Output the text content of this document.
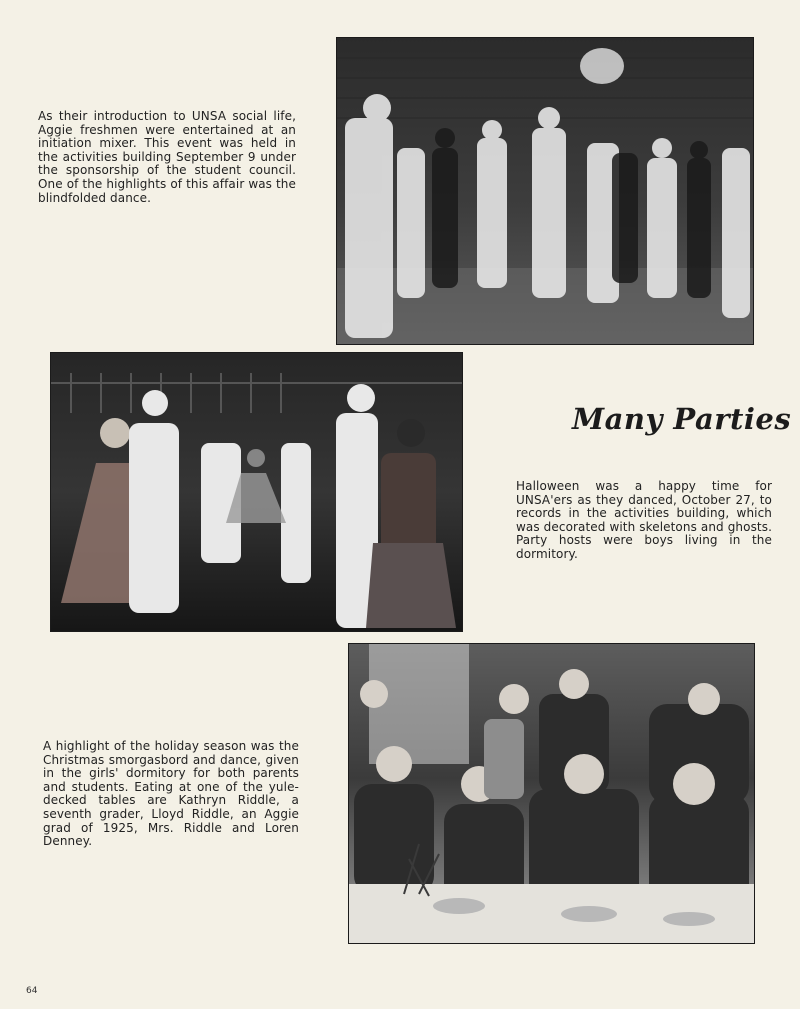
As their introduction to UNSA social life, Aggie freshmen were entertained at an initiation mixer. This event was held in the activities building September 9 under the sponsorship of the student council. One of the highlights of this affair was the blindfolded dance.
Many Parties
Halloween was a happy time for UNSA'ers as they danced, October 27, to records in the activities building, which was decorated with skeletons and ghosts. Party hosts were boys living in the dormitory.
A highlight of the holiday season was the Christmas smorgasbord and dance, given in the girls' dormitory for both parents and students. Eating at one of the yule-decked tables are Kathryn Riddle, a seventh grader, Lloyd Riddle, an Aggie grad of 1925, Mrs. Riddle and Loren Denney.
64
